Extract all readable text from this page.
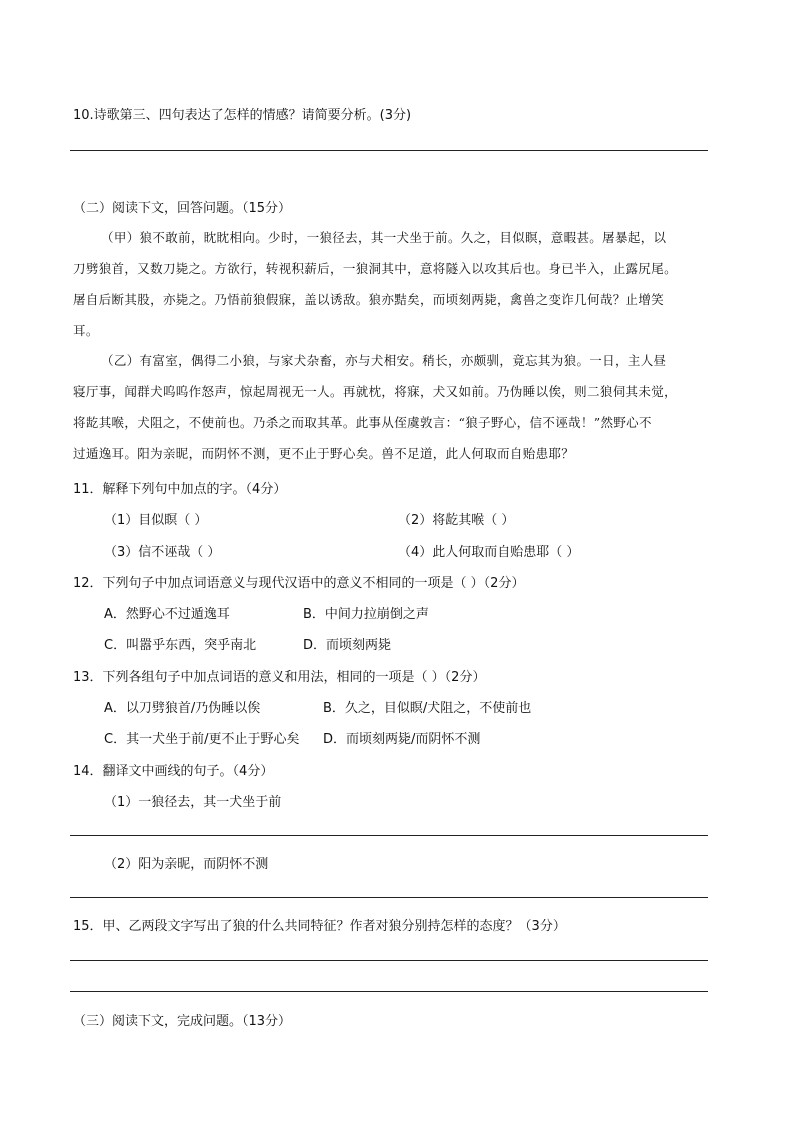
10.诗歌第三、四句表达了怎样的情感？请简要分析。(3分)
（二）阅读下文，回答问题。（15分）
（甲）狼不敢前，眈眈相向。少时，一狼径去，其一犬坐于前。久之，目似瞑，意暇甚。屠暴起，以
刀劈狼首，又数刀毙之。方欲行，转视积薪后，一狼洞其中，意将隧入以攻其后也。身已半入，止露尻尾。
屠自后断其股，亦毙之。乃悟前狼假寐，盖以诱敌。狼亦黠矣，而顷刻两毙，禽兽之变诈几何哉？止增笑
耳。
（乙）有富室，偶得二小狼，与家犬杂畜，亦与犬相安。稍长，亦颇驯，竟忘其为狼。一日，主人昼
寝厅事，闻群犬呜呜作怒声，惊起周视无一人。再就枕，将寐，犬又如前。乃伪睡以俟，则二狼伺其未觉，
将龁其喉，犬阻之，不使前也。乃杀之而取其革。此事从侄虞敦言：“狼子野心，信不诬哉！”然野心不
过遁逸耳。阳为亲昵，而阴怀不测，更不止于野心矣。兽不足道，此人何取而自贻患耶？
11．解释下列句中加点的字。（4分）
（1）目似瞑（ ）	（2）将龁其喉（ ）
（3）信不诬哉（ ）	（4）此人何取而自贻患耶（ ）
12．下列句子中加点词语意义与现代汉语中的意义不相同的一项是（ ）（2分）
A．然野心不过遁逸耳	B．中间力拉崩倒之声
C．叫嚣乎东西，突乎南北	D．而顷刻两毙
13．下列各组句子中加点词语的意义和用法，相同的一项是（ ）（2分）
A．以刀劈狼首/乃伪睡以俟	B．久之，目似瞑/犬阻之，不使前也
C．其一犬坐于前/更不止于野心矣 D．而顷刻两毙/而阴怀不测
14．翻译文中画线的句子。（4分）
（1）一狼径去，其一犬坐于前
（2）阳为亲昵，而阴怀不测
15．甲、乙两段文字写出了狼的什么共同特征？作者对狼分别持怎样的态度？（3分）
（三）阅读下文，完成问题。（13分）
